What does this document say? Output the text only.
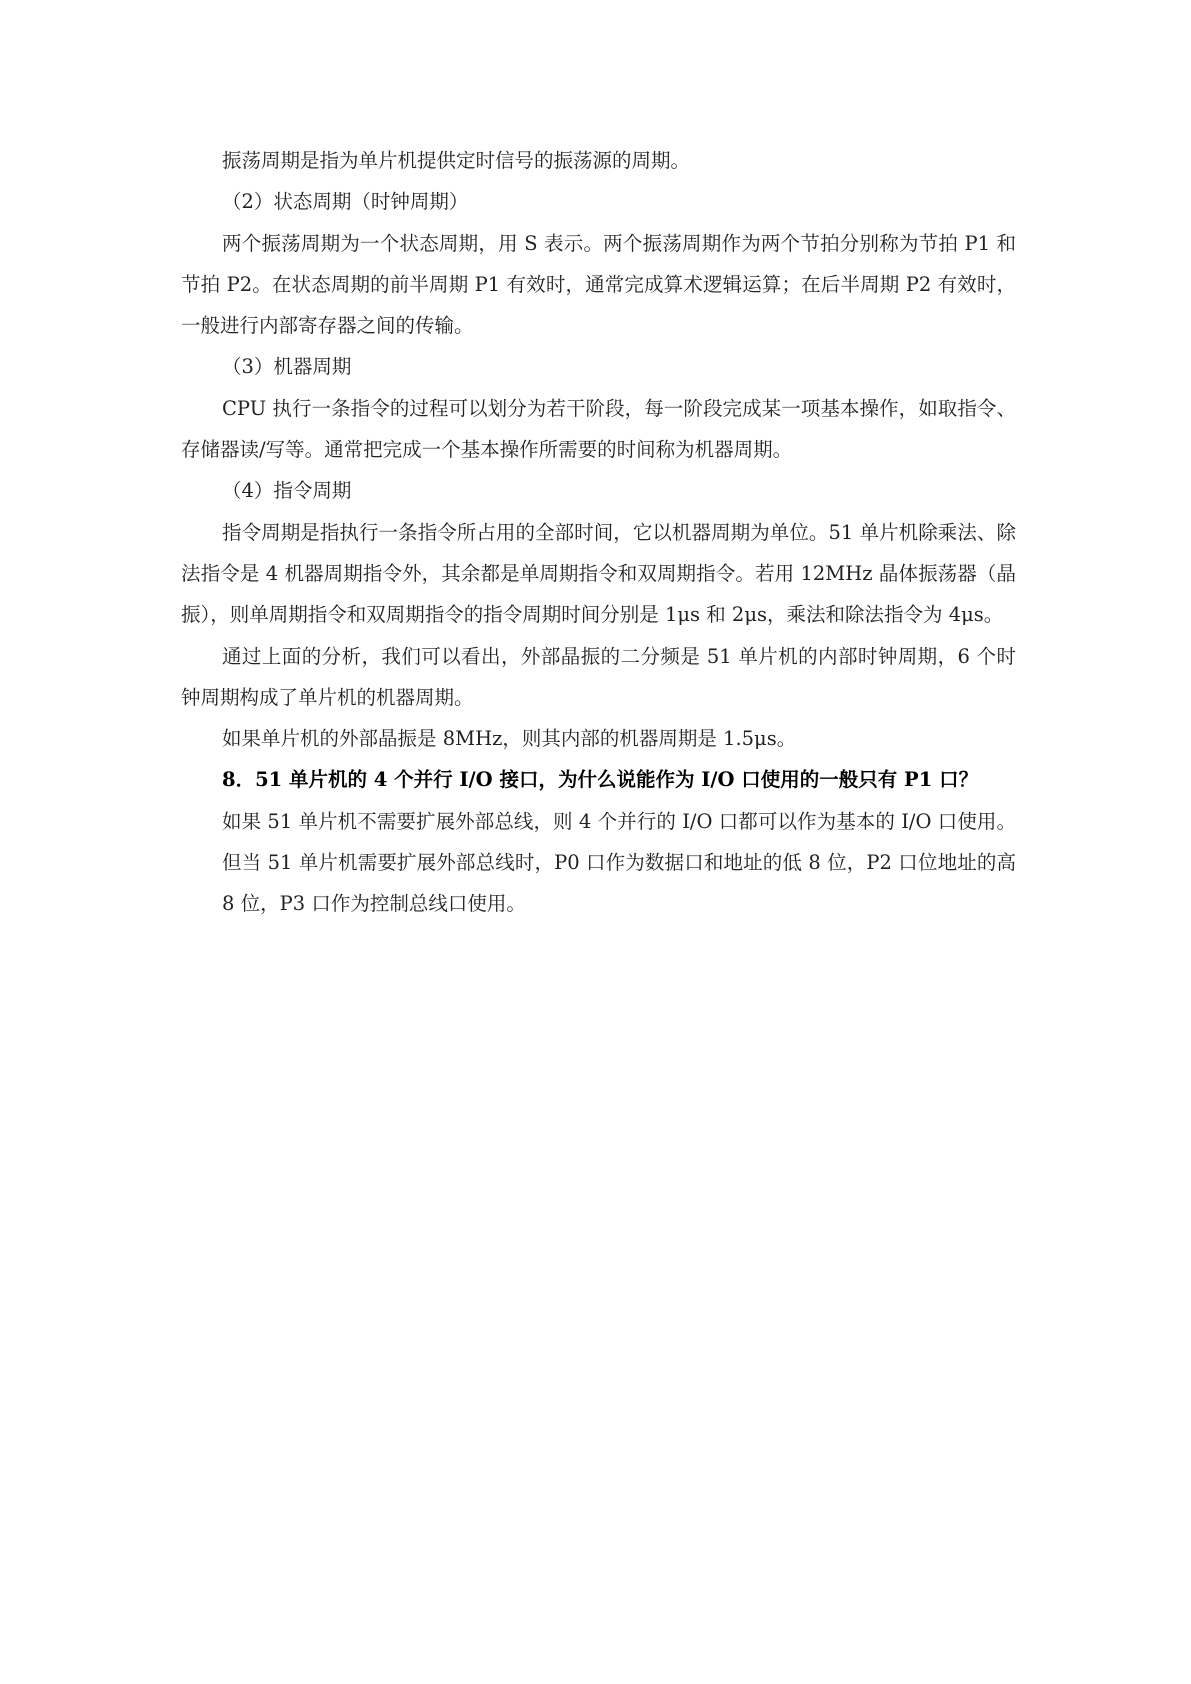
振荡周期是指为单片机提供定时信号的振荡源的周期。

（2）状态周期（时钟周期）

两个振荡周期为一个状态周期，用 S 表示。两个振荡周期作为两个节拍分别称为节拍 P1 和节拍 P2。在状态周期的前半周期 P1 有效时，通常完成算术逻辑运算；在后半周期 P2 有效时，一般进行内部寄存器之间的传输。

（3）机器周期

CPU 执行一条指令的过程可以划分为若干阶段，每一阶段完成某一项基本操作，如取指令、存储器读/写等。通常把完成一个基本操作所需要的时间称为机器周期。

（4）指令周期

指令周期是指执行一条指令所占用的全部时间，它以机器周期为单位。51 单片机除乘法、除法指令是 4 机器周期指令外，其余都是单周期指令和双周期指令。若用 12MHz 晶体振荡器（晶振），则单周期指令和双周期指令的指令周期时间分别是 1μs 和 2μs，乘法和除法指令为 4μs。

通过上面的分析，我们可以看出，外部晶振的二分频是 51 单片机的内部时钟周期，6 个时钟周期构成了单片机的机器周期。

如果单片机的外部晶振是 8MHz，则其内部的机器周期是 1.5μs。

8．51 单片机的 4 个并行 I/O 接口，为什么说能作为 I/O 口使用的一般只有 P1 口？

如果 51 单片机不需要扩展外部总线，则 4 个并行的 I/O 口都可以作为基本的 I/O 口使用。但当 51 单片机需要扩展外部总线时，P0 口作为数据口和地址的低 8 位，P2 口位地址的高 8 位，P3 口作为控制总线口使用。
